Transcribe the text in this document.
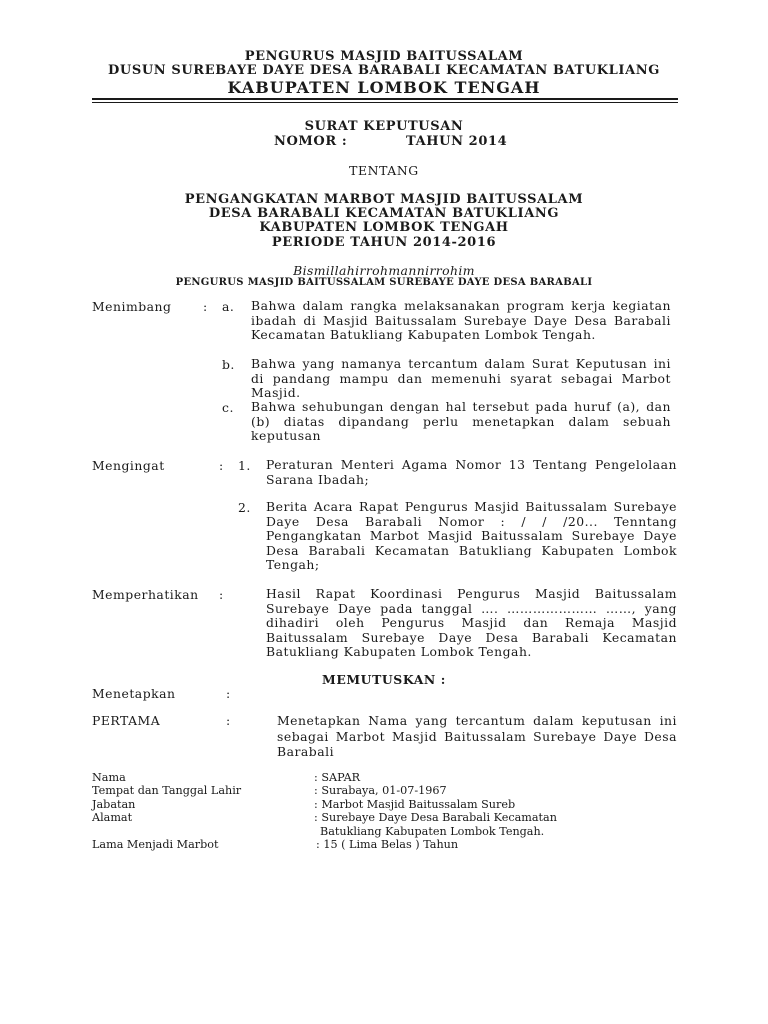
PENGURUS MASJID BAITUSSALAM
DUSUN SUREBAYE DAYE DESA BARABALI KECAMATAN BATUKLIANG
KABUPATEN LOMBOK TENGAH
SURAT KEPUTUSAN
NOMOR :	TAHUN 2014
TENTANG
PENGANGKATAN MARBOT MASJID BAITUSSALAM
DESA BARABALI KECAMATAN BATUKLIANG
KABUPATEN LOMBOK TENGAH
PERIODE TAHUN 2014-2016
Bismillahirrohmannirrohim
PENGURUS MASJID BAITUSSALAM SUREBAYE DAYE DESA BARABALI
Menimbang	: a. Bahwa dalam rangka melaksanakan program kerja kegiatan ibadah di Masjid Baitussalam Surebaye Daye Desa Barabali Kecamatan Batukliang Kabupaten Lombok Tengah.
b. Bahwa yang namanya tercantum dalam Surat Keputusan ini di pandang mampu dan memenuhi syarat sebagai Marbot Masjid.
c. Bahwa sehubungan dengan hal tersebut pada huruf (a), dan (b) diatas dipandang perlu menetapkan dalam sebuah keputusan
Mengingat	: 1. Peraturan Menteri Agama Nomor 13 Tentang Pengelolaan Sarana Ibadah;
2. Berita Acara Rapat Pengurus Masjid Baitussalam Surebaye Daye Desa Barabali Nomor : / / /20... Tenntang Pengangkatan Marbot Masjid Baitussalam Surebaye Daye Desa Barabali Kecamatan Batukliang Kabupaten Lombok Tengah;
Memperhatikan :	Hasil Rapat Koordinasi Pengurus Masjid Baitussalam Surebaye Daye pada tanggal …. ………………… ……, yang dihadiri oleh Pengurus Masjid dan Remaja Masjid Baitussalam Surebaye Daye Desa Barabali Kecamatan Batukliang Kabupaten Lombok Tengah.
MEMUTUSKAN :
Menetapkan	:
PERTAMA	:	Menetapkan Nama yang tercantum dalam keputusan ini sebagai Marbot Masjid Baitussalam Surebaye Daye Desa Barabali
Nama	: SAPAR
Tempat dan Tanggal Lahir	: Surabaya, 01-07-1967
Jabatan	: Marbot Masjid Baitussalam Sureb
Alamat	: Surebaye Daye Desa Barabali Kecamatan
Batukliang Kabupaten Lombok Tengah.
Lama Menjadi Marbot	: 15 ( Lima Belas ) Tahun
